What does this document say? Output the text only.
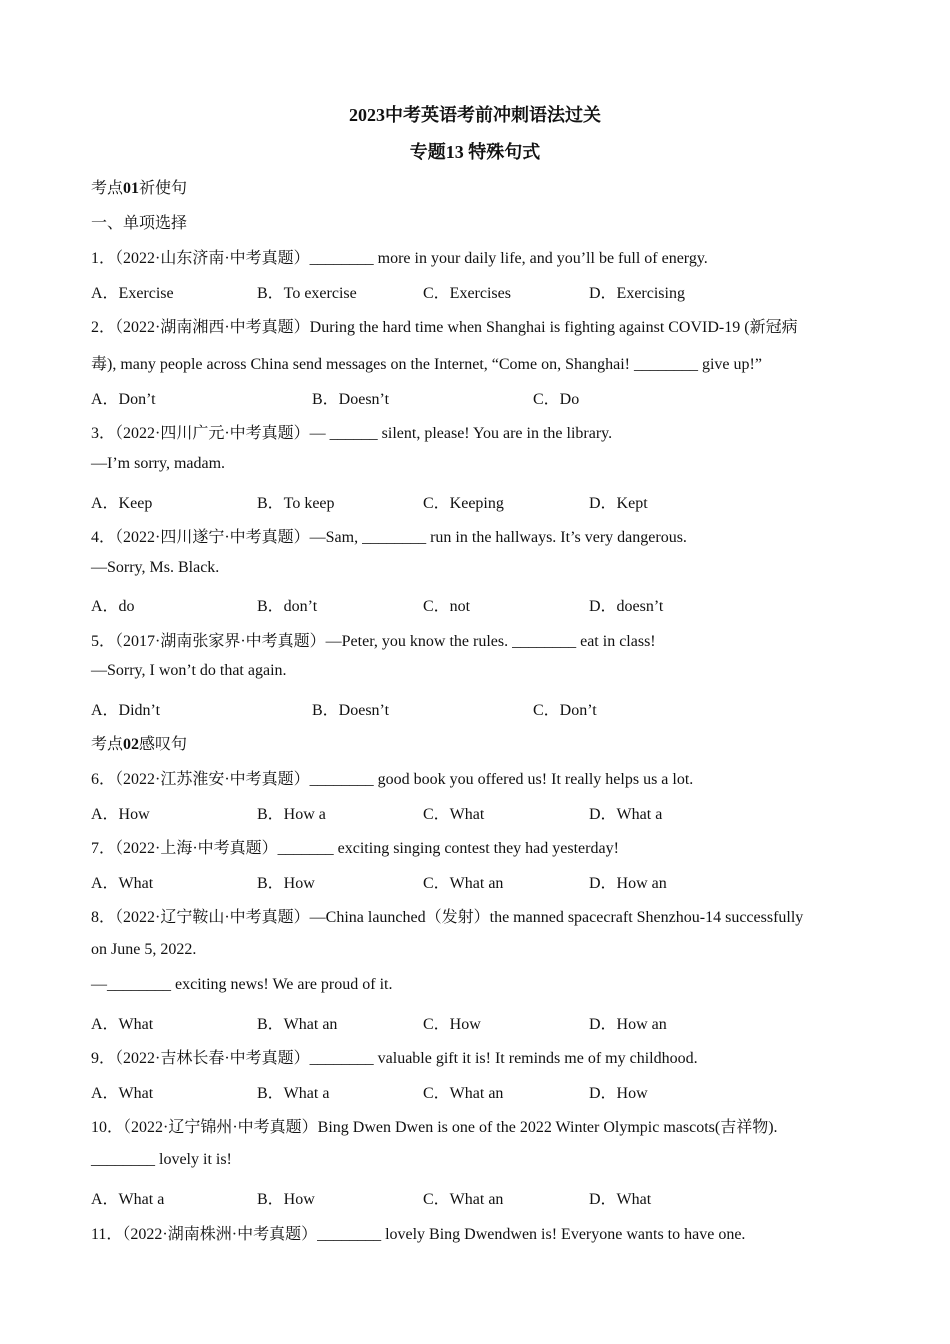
2023中考英语考前冲刺语法过关
专题13 特殊句式
考点01祈使句
一、单项选择
1．（2022·山东济南·中考真题）________ more in your daily life, and you’ll be full of energy.
A．Exercise	B．To exercise	C．Exercises	D．Exercising
2．（2022·湖南湘西·中考真题）During the hard time when Shanghai is fighting against COVID-19 (新冠病
毒), many people across China send messages on the Internet, “Come on, Shanghai! ________ give up!”
A．Don’t	B．Doesn’t	C．Do
3．（2022·四川广元·中考真题）— ______ silent, please! You are in the library.
—I’m sorry, madam.
A．Keep	B．To keep	C．Keeping	D．Kept
4．（2022·四川遂宁·中考真题）—Sam, ________ run in the hallways. It’s very dangerous.
—Sorry, Ms. Black.
A．do	B．don’t	C．not	D．doesn’t
5．（2017·湖南张家界·中考真题）—Peter, you know the rules. ________ eat in class!
—Sorry, I won’t do that again.
A．Didn’t	B．Doesn’t	C．Don’t
考点02感叹句
6．（2022·江苏淮安·中考真题）________ good book you offered us! It really helps us a lot.
A．How	B．How a	C．What	D．What a
7．（2022·上海·中考真题）_______ exciting singing contest they had yesterday!
A．What	B．How	C．What an	D．How an
8．（2022·辽宁鞍山·中考真题）—China launched（发射）the manned spacecraft Shenzhou-14 successfully
on June 5, 2022.
—________ exciting news! We are proud of it.
A．What	B．What an	C．How	D．How an
9．（2022·吉林长春·中考真题）________ valuable gift it is! It reminds me of my childhood.
A．What	B．What a	C．What an	D．How
10．（2022·辽宁锦州·中考真题）Bing Dwen Dwen is one of the 2022 Winter Olympic mascots(吉祥物).
________ lovely it is!
A．What a	B．How	C．What an	D．What
11．（2022·湖南株洲·中考真题）________ lovely Bing Dwendwen is! Everyone wants to have one.
